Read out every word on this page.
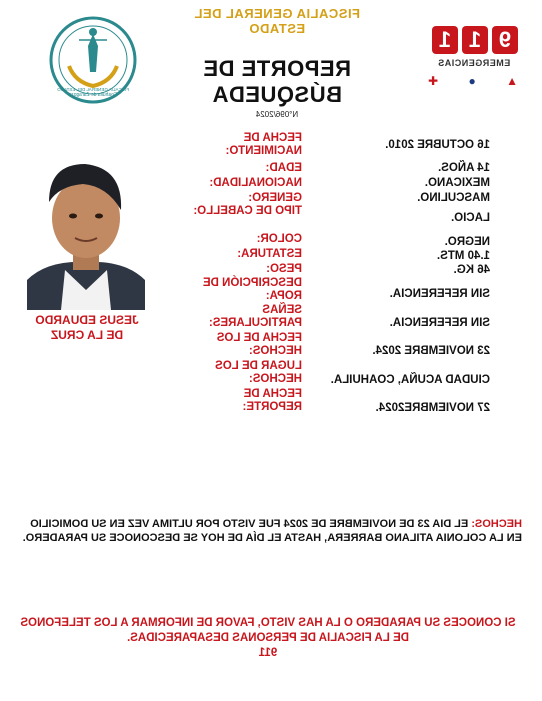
9
1
1
EMERGENCIAS
▲
●
✚
FISCALIA GENERAL DEL
ESTADO
REPORTE DE
BÚSQUEDA
N°096/2024
Coahuila de Zaragoza
FISCALIA GENERAL DEL ESTADO
FECHA DE NACIMIENTO:
EDAD:
NACIONALIDAD:
GENERO:
TIPO DE CABELLO:
COLOR:
ESTATURA:
PESO:
DESCRIPCIÓN DE ROPA:
SEÑAS PARTICULARES:
FECHA DE LOS HECHOS:
LUGAR DE LOS HECHOS:
FECHA DE REPORTE:
16 OCTUBRE 2010.
14 AÑOS.
MEXICANO.
MASCULINO.
LACIO.
NEGRO.
1.40 MTS.
46 KG.
SIN REFERENCIA.
SIN REFERENCIA.
23 NOVIEMBRE 2024.
CIUDAD ACUÑA, COAHUILA.
27 NOVIEMBRE2024.
JESUS EDUARDO
DE LA CRUZ
HECHOS: EL DIA 23 DE NOVIEMBRE DE 2024 FUE VISTO POR ULTIMA VEZ EN SU DOMICILIO EN LA COLONIA ATILANO BARRERA, HASTA EL DÍA DE HOY SE DESCONOCE SU PARADERO.
SI CONOCES SU PARADERO O LA HAS VISTO, FAVOR DE INFORMAR A LOS TELEFONOS DE LA FISCALIA DE PERSONAS DESAPARECIDAS.
911
